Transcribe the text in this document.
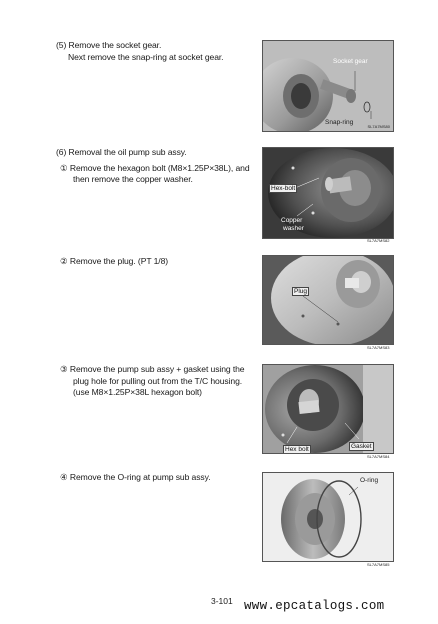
(5) Remove the socket gear.
Next remove the snap-ring at socket gear.	Socket gear
Snap-ring
SL7A7MS80
(6) Removal the oil pump sub assy.
① Remove the hexagon bolt (M8×1.25P×38L), and
then remove the copper washer.
Hex-bolt
Copper
washer
SL7A7MS82
② Remove the plug. (PT 1/8)
Plug
SL7A7MS83
③ Remove the pump sub assy + gasket using the
plug hole for pulling out from the T/C housing.
(use M8×1.25P×38L hexagon bolt)
Hex bolt	Gasket
SL7A7MS84
④ Remove the O-ring at pump sub assy.	O-ring
SL7A7MS85
3-101 www.epcatalogs.com
